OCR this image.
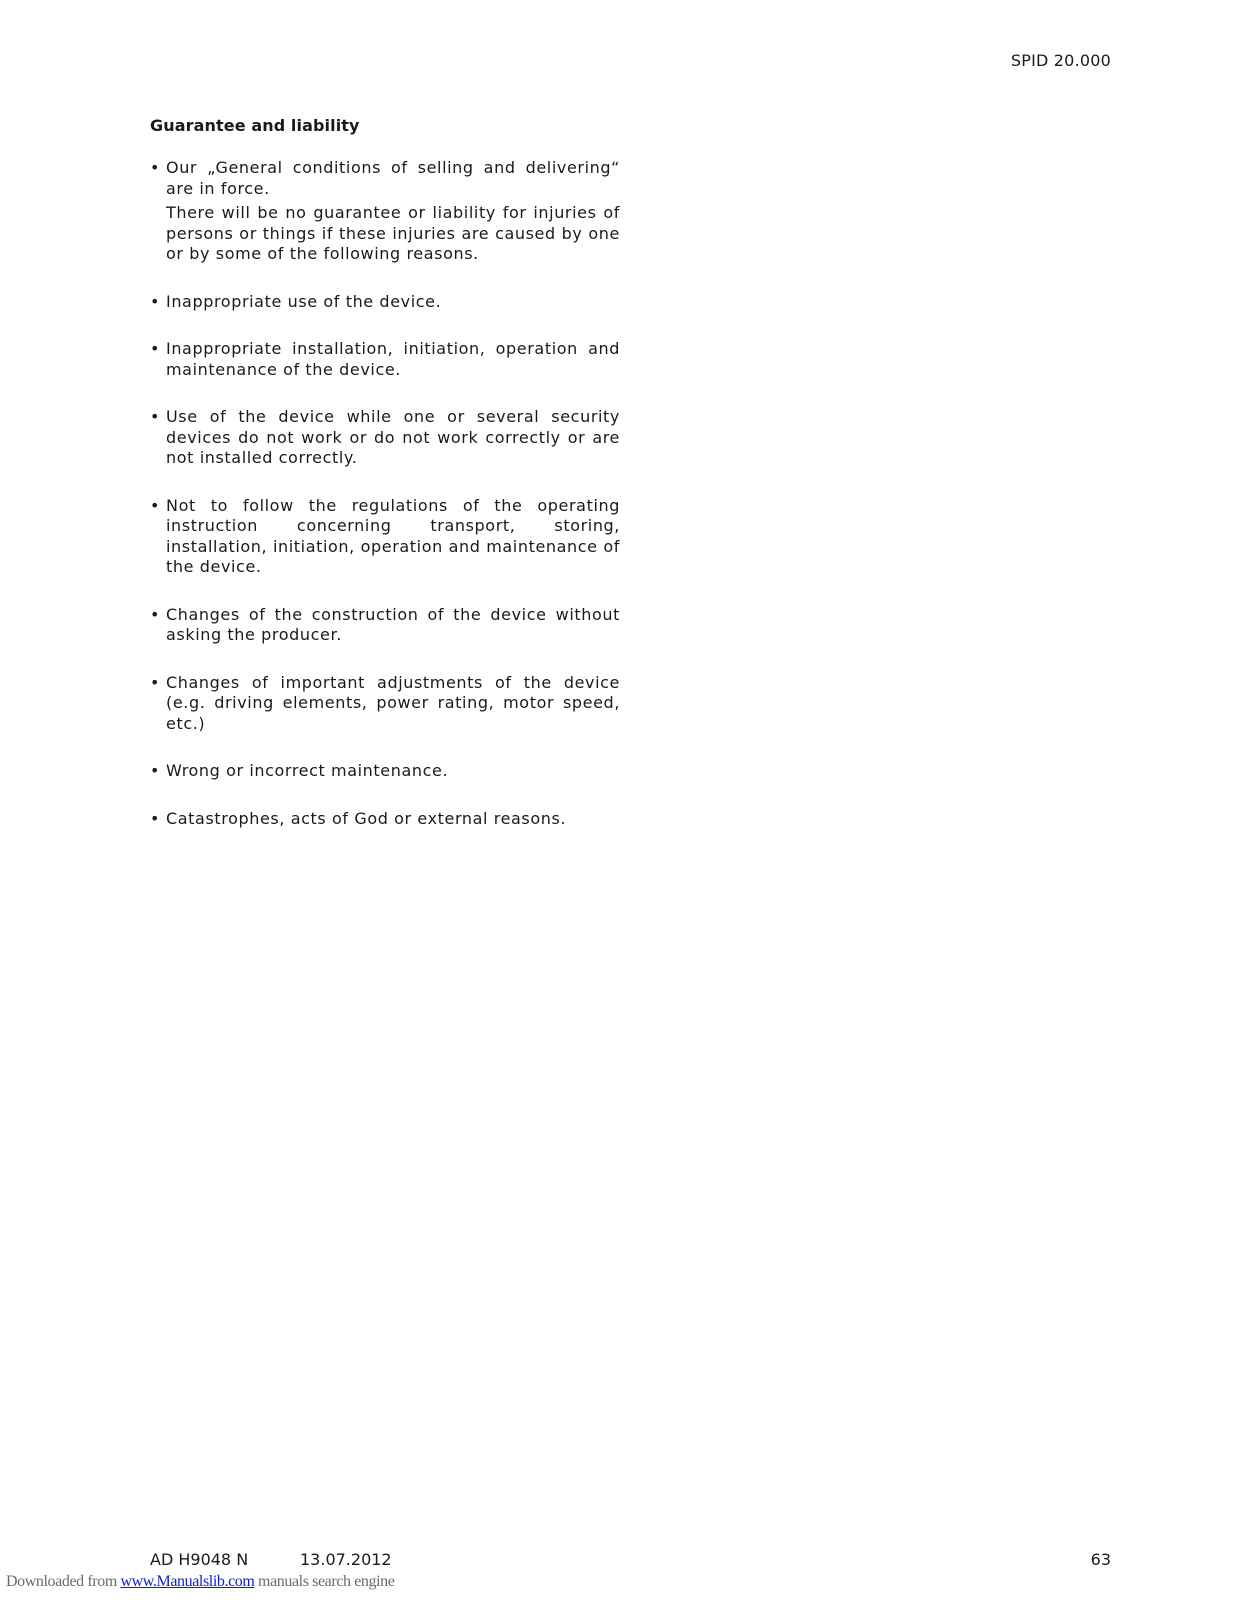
SPID 20.000
Guarantee and liability
• Our „General conditions of selling and delivering“ are in force.
There will be no guarantee or liability for injuries of persons or things if these injuries are caused by one or by some of the following reasons.
• Inappropriate use of the device.
• Inappropriate installation, initiation, operation and maintenance of the device.
• Use of the device while one or several security devices do not work or do not work correctly or are not installed correctly.
• Not to follow the regulations of the operating instruction concerning transport, storing, installation, initiation, operation and maintenance of the device.
• Changes of the construction of the device without asking the producer.
• Changes of important adjustments of the device (e.g. driving elements, power rating, motor speed, etc.)
• Wrong or incorrect maintenance.
• Catastrophes, acts of God or external reasons.
AD H9048 N	13.07.2012	63
Downloaded from www.Manualslib.com manuals search engine
